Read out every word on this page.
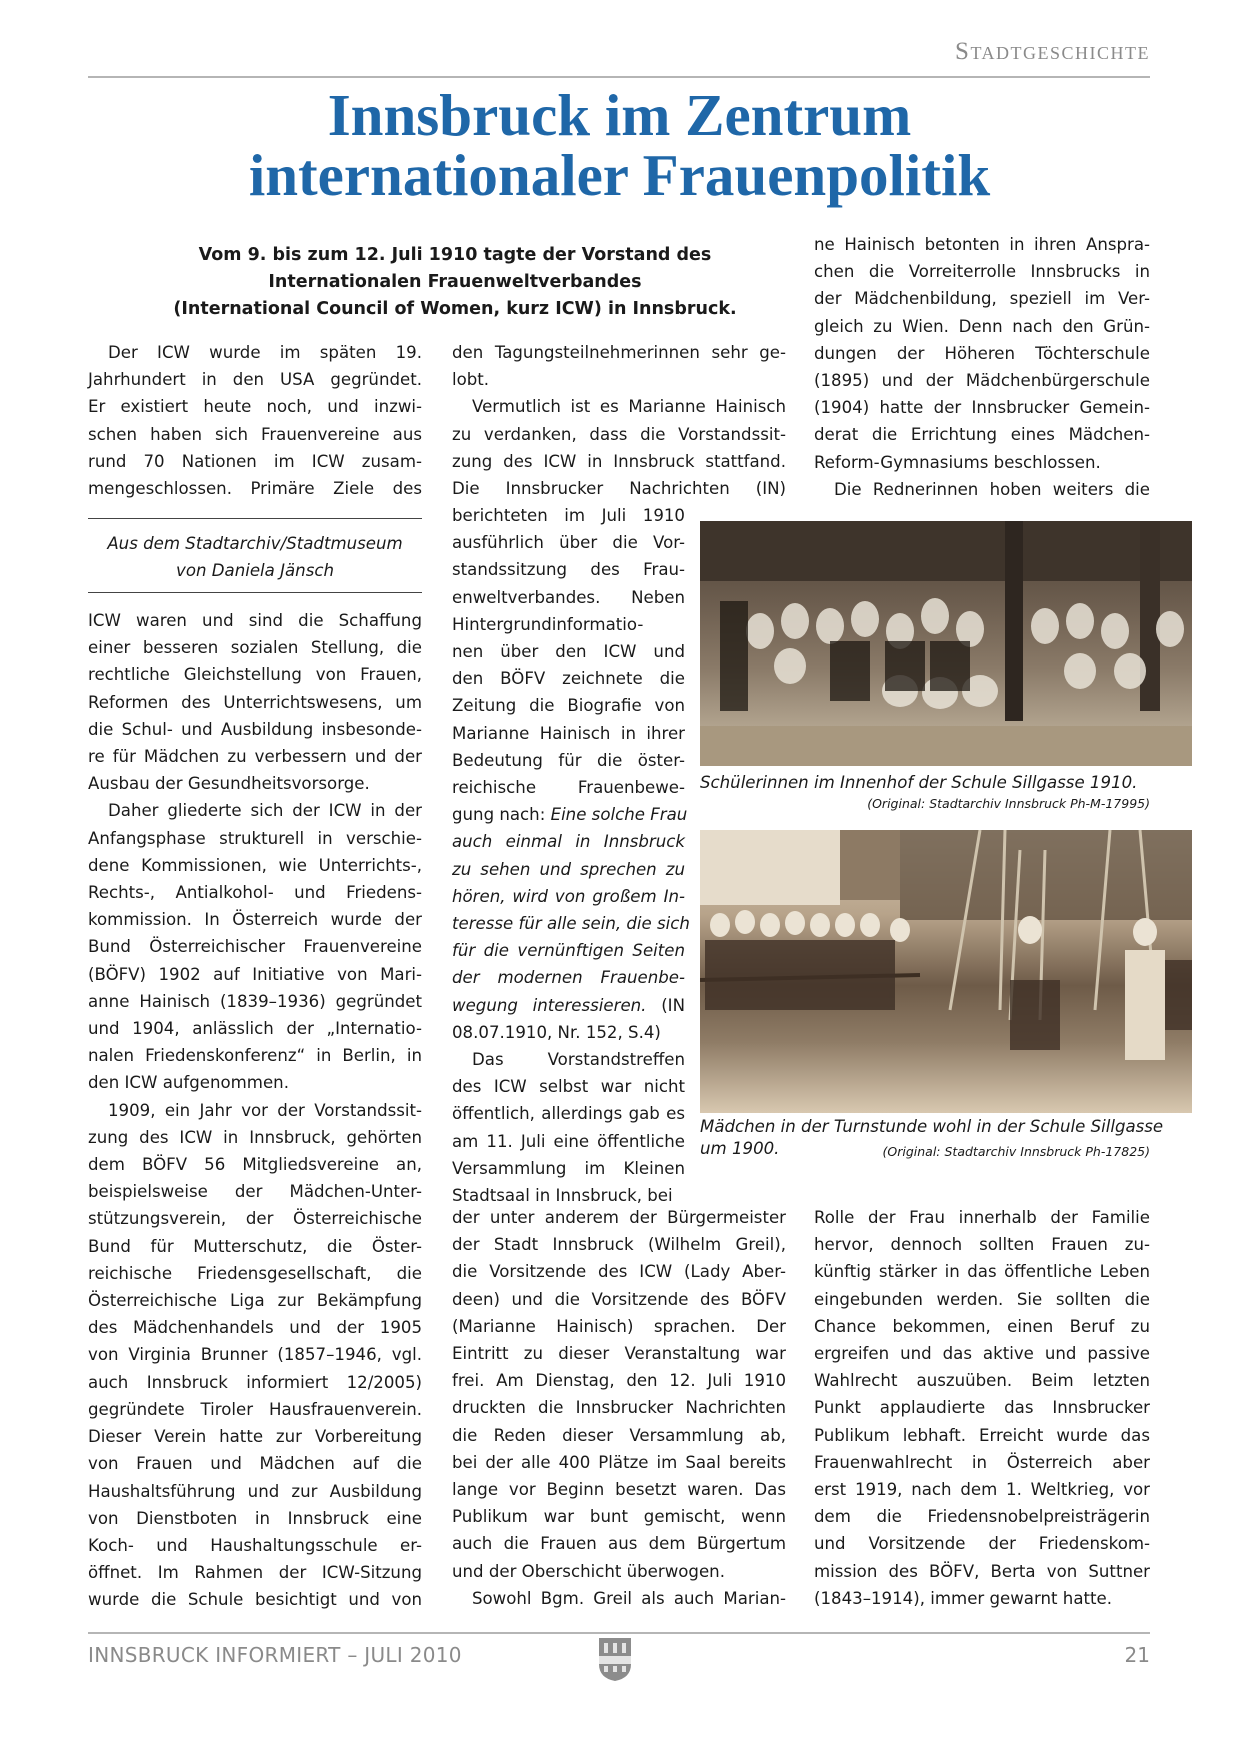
Stadtgeschichte
Innsbruck im Zentrum
internationaler Frauenpolitik
Vom 9. bis zum 12. Juli 1910 tagte der Vorstand des
Internationalen Frauenweltverbandes
(International Council of Women, kurz ICW) in Innsbruck.
Der ICW wurde im späten 19.
Jahrhundert in den USA gegründet.
Er existiert heute noch, und inzwi-
schen haben sich Frauenvereine aus
rund 70 Nationen im ICW zusam-
mengeschlossen. Primäre Ziele des
Aus dem Stadtarchiv/Stadtmuseum
von Daniela Jänsch
ICW waren und sind die Schaffung
einer besseren sozialen Stellung, die
rechtliche Gleichstellung von Frauen,
Reformen des Unterrichtswesens, um
die Schul- und Ausbildung insbesonde-
re für Mädchen zu verbessern und der
Ausbau der Gesundheitsvorsorge.
Daher gliederte sich der ICW in der
Anfangsphase strukturell in verschie-
dene Kommissionen, wie Unterrichts-,
Rechts-, Antialkohol- und Friedens-
kommission. In Österreich wurde der
Bund Österreichischer Frauenvereine
(BÖFV) 1902 auf Initiative von Mari-
anne Hainisch (1839–1936) gegründet
und 1904, anlässlich der „Internatio-
nalen Friedenskonferenz“ in Berlin, in
den ICW aufgenommen.
1909, ein Jahr vor der Vorstandssit-
zung des ICW in Innsbruck, gehörten
dem BÖFV 56 Mitgliedsvereine an,
beispielsweise der Mädchen-Unter-
stützungsverein, der Österreichische
Bund für Mutterschutz, die Öster-
reichische Friedensgesellschaft, die
Österreichische Liga zur Bekämpfung
des Mädchenhandels und der 1905
von Virginia Brunner (1857–1946, vgl.
auch Innsbruck informiert 12/2005)
gegründete Tiroler Hausfrauenverein.
Dieser Verein hatte zur Vorbereitung
von Frauen und Mädchen auf die
Haushaltsführung und zur Ausbildung
von Dienstboten in Innsbruck eine
Koch- und Haushaltungsschule er-
öffnet. Im Rahmen der ICW-Sitzung
wurde die Schule besichtigt und von
den Tagungsteilnehmerinnen sehr ge-
lobt.
Vermutlich ist es Marianne Hainisch
zu verdanken, dass die Vorstandssit-
zung des ICW in Innsbruck stattfand.
Die Innsbrucker Nachrichten (IN)
berichteten im Juli 1910
ausführlich über die Vor-
standssitzung des Frau-
enweltverbandes. Neben
Hintergrundinformatio-
nen über den ICW und
den BÖFV zeichnete die
Zeitung die Biografie von
Marianne Hainisch in ihrer
Bedeutung für die öster-
reichische Frauenbewe-
gung nach: Eine solche Frau
auch einmal in Innsbruck
zu sehen und sprechen zu
hören, wird von großem In-
teresse für alle sein, die sich
für die vernünftigen Seiten
der modernen Frauenbe-
wegung interessieren. (IN
08.07.1910, Nr. 152, S.4)
Das Vorstandstreffen
des ICW selbst war nicht
öffentlich, allerdings gab es
am 11. Juli eine öffentliche
Versammlung im Kleinen
Stadtsaal in Innsbruck, bei
der unter anderem der Bürgermeister
der Stadt Innsbruck (Wilhelm Greil),
die Vorsitzende des ICW (Lady Aber-
deen) und die Vorsitzende des BÖFV
(Marianne Hainisch) sprachen. Der
Eintritt zu dieser Veranstaltung war
frei. Am Dienstag, den 12. Juli 1910
druckten die Innsbrucker Nachrichten
die Reden dieser Versammlung ab,
bei der alle 400 Plätze im Saal bereits
lange vor Beginn besetzt waren. Das
Publikum war bunt gemischt, wenn
auch die Frauen aus dem Bürgertum
und der Oberschicht überwogen.
Sowohl Bgm. Greil als auch Marian-
ne Hainisch betonten in ihren Anspra-
chen die Vorreiterrolle Innsbrucks in
der Mädchenbildung, speziell im Ver-
gleich zu Wien. Denn nach den Grün-
dungen der Höheren Töchterschule
(1895) und der Mädchenbürgerschule
(1904) hatte der Innsbrucker Gemein-
derat die Errichtung eines Mädchen-
Reform-Gymnasiums beschlossen.
Die Rednerinnen hoben weiters die
Schülerinnen im Innenhof der Schule Sillgasse 1910.
(Original: Stadtarchiv Innsbruck Ph-M-17995)
Mädchen in der Turnstunde wohl in der Schule Sillgasse
um 1900.	(Original: Stadtarchiv Innsbruck Ph-17825)
Rolle der Frau innerhalb der Familie
hervor, dennoch sollten Frauen zu-
künftig stärker in das öffentliche Leben
eingebunden werden. Sie sollten die
Chance bekommen, einen Beruf zu
ergreifen und das aktive und passive
Wahlrecht auszuüben. Beim letzten
Punkt applaudierte das Innsbrucker
Publikum lebhaft. Erreicht wurde das
Frauenwahlrecht in Österreich aber
erst 1919, nach dem 1. Weltkrieg, vor
dem die Friedensnobelpreisträgerin
und Vorsitzende der Friedenskom-
mission des BÖFV, Berta von Suttner
(1843–1914), immer gewarnt hatte.
INNSBRUCK INFORMIERT – JULI 2010	21
